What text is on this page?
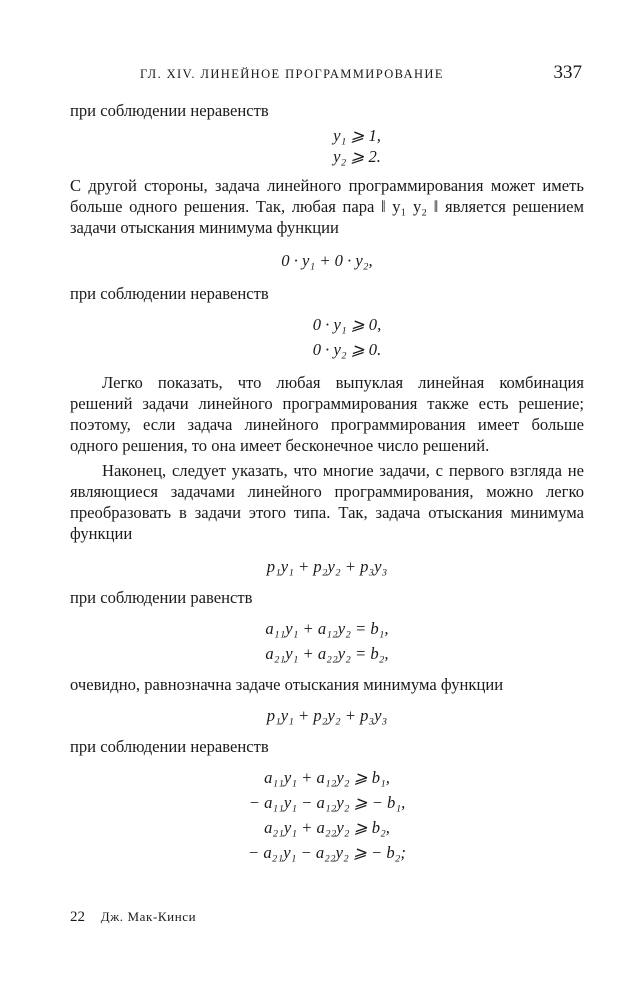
ГЛ. XIV. ЛИНЕЙНОЕ ПРОГРАММИРОВАНИЕ	337

при соблюдении неравенств

y₁ ⩾ 1,

y₂ ⩾ 2.

С другой стороны, задача линейного программирования может иметь больше одного решения. Так, любая пара ‖ y₁ y₂ ‖ является решением задачи отыскания минимума функции

0 · y₁ + 0 · y₂,

при соблюдении неравенств

0 · y₁ ⩾ 0,

0 · y₂ ⩾ 0.

Легко показать, что любая выпуклая линейная комбинация решений задачи линейного программирования также есть решение; поэтому, если задача линейного программирования имеет больше одного решения, то она имеет бесконечное число решений.

Наконец, следует указать, что многие задачи, с первого взгляда не являющиеся задачами линейного программирования, можно легко преобразовать в задачи этого типа. Так, задача отыскания минимума функции

p₁y₁ + p₂y₂ + p₃y₃

при соблюдении равенств

a₁₁y₁ + a₁₂y₂ = b₁,

a₂₁y₁ + a₂₂y₂ = b₂,

очевидно, равнозначна задаче отыскания минимума функции

p₁y₁ + p₂y₂ + p₃y₃

при соблюдении неравенств

a₁₁y₁ + a₁₂y₂ ⩾ b₁,

− a₁₁y₁ − a₁₂y₂ ⩾ − b₁,

a₂₁y₁ + a₂₂y₂ ⩾ b₂,

− a₂₁y₁ − a₂₂y₂ ⩾ − b₂;

22 Дж. Мак-Кинси
